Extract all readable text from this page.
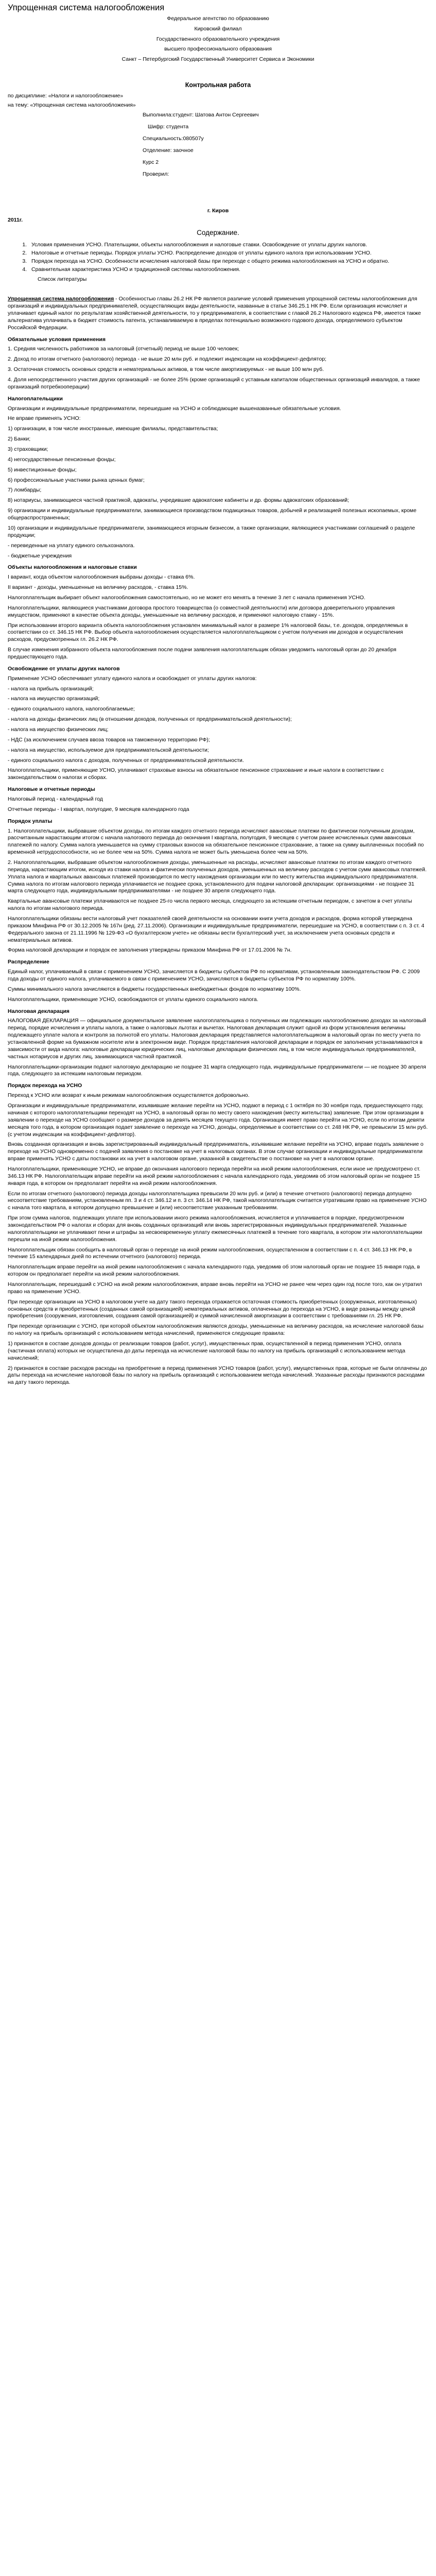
Упрощенная система налогообложения

Федеральное агентство по образованию

Кировский филиал

Государственного образовательного учреждения

высшего профессионального образования

Санкт – Петербургский Государственный Университет Сервиса и Экономики

Контрольная работа

по дисциплине: «Налоги и налогообложение»

на тему: «Упрощенная система налогообложения»

Выполнила:студент: Шатова Антон Сергеевич

Шифр: студента

Специальность:080507у

Отделение: заочное

Курс 2

Проверил:

г. Киров

2011г.

Содержание.

1. Условия применения УСНО. Плательщики, объекты налогообложения и налоговые ставки. Освобождение от уплаты других налогов.
2. Налоговые и отчетные периоды. Порядок уплаты УСНО. Распределение доходов от уплаты единого налога при использовании УСНО.
3. Порядок перехода на УСНО. Особенности исчисления налоговой базы при переходе с общего режима налогообложения на УСНО и обратно.
4. Сравнительная характеристика УСНО и традиционной системы налогообложения.

Список литературы

Упрощенная система налогообложения - Особенностью главы 26.2 НК РФ является различие условий применения упрощенной системы налогообложения для организаций и индивидуальных предпринимателей, осуществляющих виды деятельности, названные в статье 346.25.1 НК РФ. Если организация исчисляет и уплачивает единый налог по результатам хозяйственной деятельности, то у предпринимателя, в соответствии с главой 26.2 Налогового кодекса РФ, имеется также альтернатива уплачивать в бюджет стоимость патента, устанавливаемую в пределах потенциально возможного годового дохода, определяемого субъектом Российской Федерации.

Обязательные условия применения

1. Средняя численность работников за налоговый (отчетный) период не выше 100 человек;

2. Доход по итогам отчетного (налогового) периода - не выше 20 млн руб. и подлежит индексации на коэффициент-дефлятор;

3. Остаточная стоимость основных средств и нематериальных активов, в том числе амортизируемых - не выше 100 млн руб.

4. Доля непосредственного участия других организаций - не более 25% (кроме организаций с уставным капиталом общественных организаций инвалидов, а также организаций потребкооперации)

Налогоплательщики

Организации и индивидуальные предприниматели, перешедшие на УСНО и соблюдающие вышеназванные обязательные условия.

Не вправе применять УСНО:

1) организации, в том числе иностранные, имеющие филиалы, представительства;

2) Банки;

3) страховщики;

4) негосударственные пенсионные фонды;

5) инвестиционные фонды;

6) профессиональные участники рынка ценных бумаг;

7) ломбарды;

8) нотариусы, занимающиеся частной практикой, адвокаты, учредившие адвокатские кабинеты и др. формы адвокатских образований;

9) организации и индивидуальные предприниматели, занимающиеся производством подакцизных товаров, добычей и реализацией полезных ископаемых, кроме общераспространенных;

10) организации и индивидуальные предприниматели, занимающиеся игорным бизнесом, а также организации, являющиеся участниками соглашений о разделе продукции;

- переведенные на уплату единого сельхозналога.

- бюджетные учреждения

Объекты налогообложения и налоговые ставки

I вариант, когда объектом налогообложения выбраны доходы - ставка 6%.

II вариант - доходы, уменьшенные на величину расходов, - ставка 15%.

Налогоплательщик выбирает объект налогообложения самостоятельно, но не может его менять в течение 3 лет с начала применения УСНО.

Налогоплательщики, являющиеся участниками договора простого товарищества (о совместной деятельности) или договора доверительного управления имуществом, применяют в качестве объекта доходы, уменьшенные на величину расходов, и применяют налоговую ставку - 15%.

При использовании второго варианта объекта налогообложения установлен минимальный налог в размере 1% налоговой базы, т.е. доходов, определяемых в соответствии со ст. 346.15 НК РФ. Выбор объекта налогообложения осуществляется налогоплательщиком с учетом получения им доходов и осуществления расходов, предусмотренных гл. 26.2 НК РФ.

В случае изменения избранного объекта налогообложения после подачи заявления налогоплательщик обязан уведомить налоговый орган до 20 декабря предшествующего года.

Освобождение от уплаты других налогов

Применение УСНО обеспечивает уплату единого налога и освобождает от уплаты других налогов:

- налога на прибыль организаций;

- налога на имущество организаций;

- единого социального налога, налогооблагаемые;

- налога на доходы физических лиц (в отношении доходов, полученных от предпринимательской деятельности);

- налога на имущество физических лиц;

- НДС (за исключением случаев ввоза товаров на таможенную территорию РФ);

- налога на имущество, используемое для предпринимательской деятельности;

- единого социального налога с доходов, полученных от предпринимательской деятельности.

Налогоплательщики, применяющие УСНО, уплачивают страховые взносы на обязательное пенсионное страхование и иные налоги в соответствии с законодательством о налогах и сборах.

Налоговые и отчетные периоды

Налоговый период - календарный год

Отчетные периоды - I квартал, полугодие, 9 месяцев календарного года

Порядок уплаты

1. Налогоплательщики, выбравшие объектом доходы, по итогам каждого отчетного периода исчисляют авансовые платежи по фактически полученным доходам, рассчитанным нарастающим итогом с начала налогового периода до окончания I квартала, полугодия, 9 месяцев с учетом ранее исчисленных сумм авансовых платежей по налогу. Сумма налога уменьшается на сумму страховых взносов на обязательное пенсионное страхование, а также на сумму выплаченных пособий по временной нетрудоспособности, но не более чем на 50%. Сумма налога не может быть уменьшена более чем на 50%.

2. Налогоплательщики, выбравшие объектом налогообложения доходы, уменьшенные на расходы, исчисляют авансовые платежи по итогам каждого отчетного периода, нарастающим итогом, исходя из ставки налога и фактически полученных доходов, уменьшенных на величину расходов с учетом сумм авансовых платежей. Уплата налога и квартальных авансовых платежей производится по месту нахождения организации или по месту жительства индивидуального предпринимателя. Сумма налога по итогам налогового периода уплачивается не позднее срока, установленного для подачи налоговой декларации: организациями - не позднее 31 марта следующего года, индивидуальными предпринимателями - не позднее 30 апреля следующего года.

Квартальные авансовые платежи уплачиваются не позднее 25-го числа первого месяца, следующего за истекшим отчетным периодом, с зачетом в счет уплаты налога по итогам налогового периода.

Налогоплательщики обязаны вести налоговый учет показателей своей деятельности на основании книги учета доходов и расходов, форма которой утверждена приказом Минфина РФ от 30.12.2005 № 167н (ред. 27.11.2006). Организации и индивидуальные предприниматели, перешедшие на УСНО, в соответствии с п. 3 ст. 4 Федерального закона от 21.11.1996 № 129-ФЗ «О бухгалтерском учете» не обязаны вести бухгалтерский учет, за исключением учета основных средств и нематериальных активов.

Форма налоговой декларации и порядок ее заполнения утверждены приказом Минфина РФ от 17.01.2006 № 7н.

Распределение

Единый налог, уплачиваемый в связи с применением УСНО, зачисляется в бюджеты субъектов РФ по нормативам, установленным законодательством РФ. С 2009 года доходы от единого налога, уплачиваемого в связи с применением УСНО, зачисляются в бюджеты субъектов РФ по нормативу 100%.

Суммы минимального налога зачисляются в бюджеты государственных внебюджетных фондов по нормативу 100%.

Налогоплательщики, применяющие УСНО, освобождаются от уплаты единого социального налога.

Налоговая декларация

НАЛОГОВАЯ ДЕКЛАРАЦИЯ — официальное документальное заявление налогоплательщика о полученных им подлежащих налогообложению доходах за налоговый период, порядке исчисления и уплаты налога, а также о налоговых льготах и вычетах. Налоговая декларация служит одной из форм установления величины подлежащего уплате налога и контроля за полнотой его уплаты. Налоговая декларация представляется налогоплательщиком в налоговый орган по месту учета по установленной форме на бумажном носителе или в электронном виде. Порядок представления налоговой декларации и порядок ее заполнения устанавливаются в зависимости от вида налога: налоговые декларации юридических лиц, налоговые декларации физических лиц, в том числе индивидуальных предпринимателей, частных нотариусов и других лиц, занимающихся частной практикой.

Налогоплательщики-организации подают налоговую декларацию не позднее 31 марта следующего года, индивидуальные предприниматели — не позднее 30 апреля года, следующего за истекшим налоговым периодом.

Порядок перехода на УСНО

Переход к УСНО или возврат к иным режимам налогообложения осуществляется добровольно.

Организации и индивидуальные предприниматели, изъявившие желание перейти на УСНО, подают в период с 1 октября по 30 ноября года, предшествующего году, начиная с которого налогоплательщики переходят на УСНО, в налоговый орган по месту своего нахождения (месту жительства) заявление. При этом организации в заявлении о переходе на УСНО сообщают о размере доходов за девять месяцев текущего года. Организация имеет право перейти на УСНО, если по итогам девяти месяцев того года, в котором организация подает заявление о переходе на УСНО, доходы, определяемые в соответствии со ст. 248 НК РФ, не превысили 15 млн руб. (с учетом индексации на коэффициент-дефлятор).

Вновь созданная организация и вновь зарегистрированный индивидуальный предприниматель, изъявившие желание перейти на УСНО, вправе подать заявление о переходе на УСНО одновременно с подачей заявления о постановке на учет в налоговых органах. В этом случае организации и индивидуальные предприниматели вправе применять УСНО с даты постановки их на учет в налоговом органе, указанной в свидетельстве о постановке на учет в налоговом органе.

Налогоплательщики, применяющие УСНО, не вправе до окончания налогового периода перейти на иной режим налогообложения, если иное не предусмотрено ст. 346.13 НК РФ. Налогоплательщик вправе перейти на иной режим налогообложения с начала календарного года, уведомив об этом налоговый орган не позднее 15 января года, в котором он предполагает перейти на иной режим налогообложения.

Если по итогам отчетного (налогового) периода доходы налогоплательщика превысили 20 млн руб. и (или) в течение отчетного (налогового) периода допущено несоответствие требованиям, установленным пп. 3 и 4 ст. 346.12 и п. 3 ст. 346.14 НК РФ, такой налогоплательщик считается утратившим право на применение УСНО с начала того квартала, в котором допущено превышение и (или) несоответствие указанным требованиям.

При этом сумма налогов, подлежащих уплате при использовании иного режима налогообложения, исчисляется и уплачивается в порядке, предусмотренном законодательством РФ о налогах и сборах для вновь созданных организаций или вновь зарегистрированных индивидуальных предпринимателей. Указанные налогоплательщики не уплачивают пени и штрафы за несвоевременную уплату ежемесячных платежей в течение того квартала, в котором эти налогоплательщики перешли на иной режим налогообложения.

Налогоплательщик обязан сообщить в налоговый орган о переходе на иной режим налогообложения, осуществленном в соответствии с п. 4 ст. 346.13 НК РФ, в течение 15 календарных дней по истечении отчетного (налогового) периода.

Налогоплательщик вправе перейти на иной режим налогообложения с начала календарного года, уведомив об этом налоговый орган не позднее 15 января года, в котором он предполагает перейти на иной режим налогообложения.

Налогоплательщик, перешедший с УСНО на иной режим налогообложения, вправе вновь перейти на УСНО не ранее чем через один год после того, как он утратил право на применение УСНО.

При переходе организации на УСНО в налоговом учете на дату такого перехода отражается остаточная стоимость приобретенных (сооруженных, изготовленных) основных средств и приобретенных (созданных самой организацией) нематериальных активов, оплаченных до перехода на УСНО, в виде разницы между ценой приобретения (сооружения, изготовления, создания самой организацией) и суммой начисленной амортизации в соответствии с требованиями гл. 25 НК РФ.

При переходе организации с УСНО, при которой объектом налогообложения являются доходы, уменьшенные на величину расходов, на исчисление налоговой базы по налогу на прибыль организаций с использованием метода начислений, применяются следующие правила:

1) признаются в составе доходов доходы от реализации товаров (работ, услуг), имущественных прав, осуществленной в период применения УСНО, оплата (частичная оплата) которых не осуществлена до даты перехода на исчисление налоговой базы по налогу на прибыль организаций с использованием метода начислений;

2) признаются в составе расходов расходы на приобретение в период применения УСНО товаров (работ, услуг), имущественных прав, которые не были оплачены до даты перехода на исчисление налоговой базы по налогу на прибыль организаций с использованием метода начислений. Указанные расходы признаются расходами на дату такого перехода.
